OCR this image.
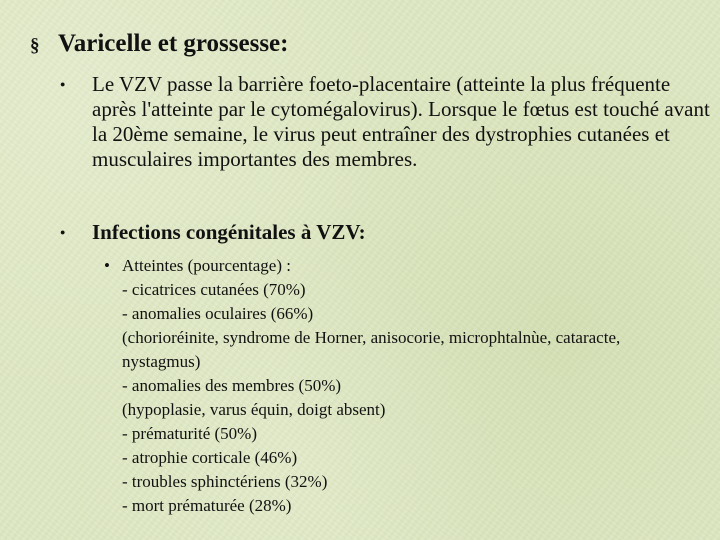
§ Varicelle et grossesse:
●	Le VZV passe la barrière foeto-placentaire (atteinte la plus fréquente après l'atteinte par le cytomégalovirus). Lorsque le fœtus est touché avant la 20ème semaine, le virus peut entraîner des dystrophies cutanées et musculaires importantes des membres.
●	Infections congénitales à VZV:
• Atteintes (pourcentage) :
- cicatrices cutanées (70%)
- anomalies oculaires (66%)
(chorioréinite, syndrome de Horner, anisocorie, microphtalnùe, cataracte,
nystagmus)
- anomalies des membres (50%)
(hypoplasie, varus équin, doigt absent)
- prématurité (50%)
- atrophie corticale (46%)
- troubles sphinctériens (32%)
- mort prématurée (28%)
